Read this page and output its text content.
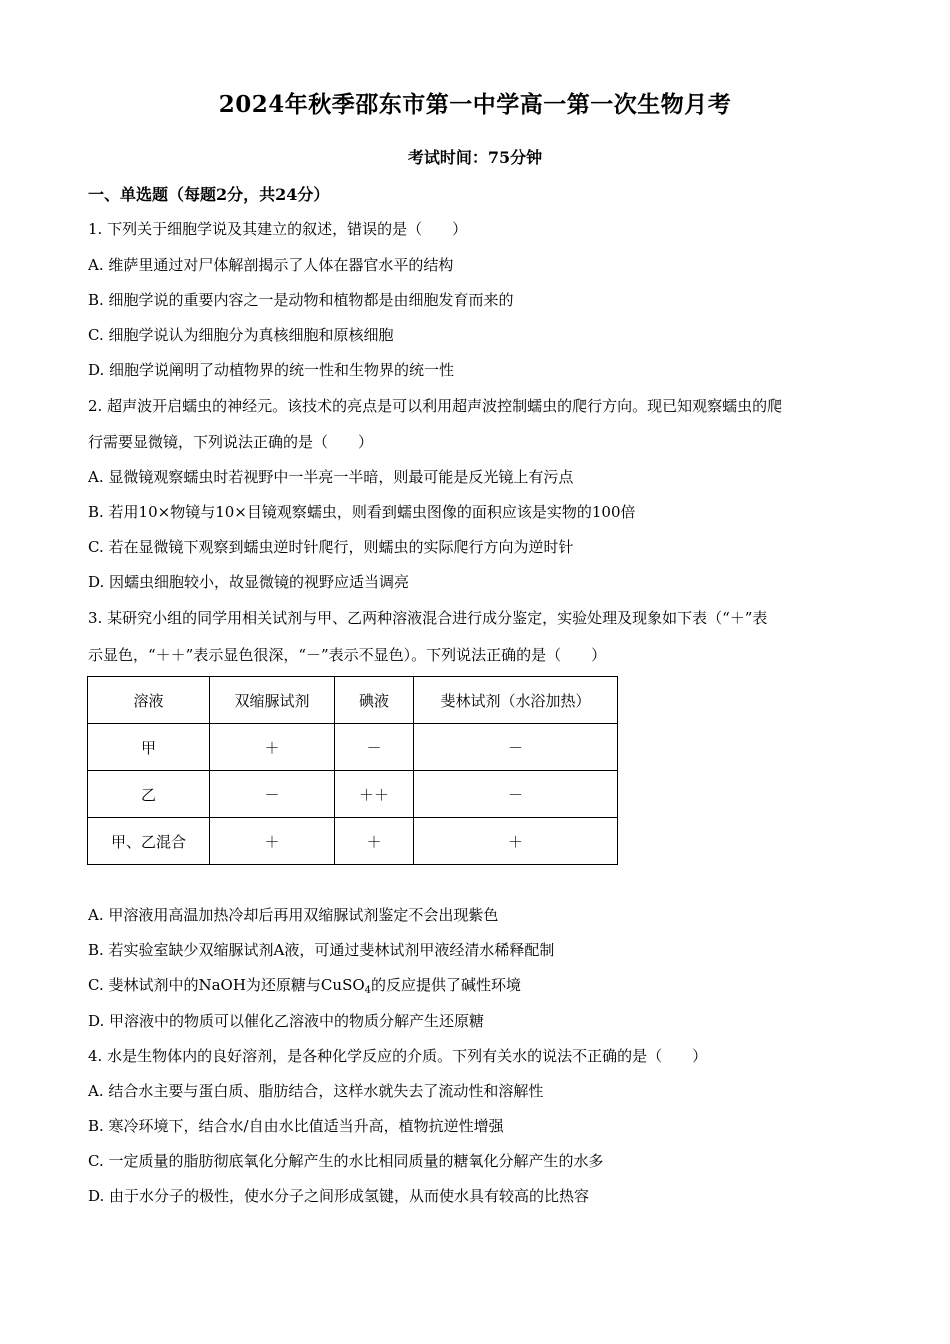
2024年秋季邵东市第一中学高一第一次生物月考
考试时间：75分钟
一、单选题（每题2分，共24分）
1. 下列关于细胞学说及其建立的叙述，错误的是（　　）
A. 维萨里通过对尸体解剖揭示了人体在器官水平的结构
B. 细胞学说的重要内容之一是动物和植物都是由细胞发育而来的
C. 细胞学说认为细胞分为真核细胞和原核细胞
D. 细胞学说阐明了动植物界的统一性和生物界的统一性
2. 超声波开启蠕虫的神经元。该技术的亮点是可以利用超声波控制蠕虫的爬行方向。现已知观察蠕虫的爬
行需要显微镜，下列说法正确的是（　　）
A. 显微镜观察蠕虫时若视野中一半亮一半暗，则最可能是反光镜上有污点
B. 若用10×物镜与10×目镜观察蠕虫，则看到蠕虫图像的面积应该是实物的100倍
C. 若在显微镜下观察到蠕虫逆时针爬行，则蠕虫的实际爬行方向为逆时针
D. 因蠕虫细胞较小，故显微镜的视野应适当调亮
3. 某研究小组的同学用相关试剂与甲、乙两种溶液混合进行成分鉴定，实验处理及现象如下表（“＋”表
示显色，“＋＋”表示显色很深，“－”表示不显色）。下列说法正确的是（　　）
溶液	双缩脲试剂	碘液	斐林试剂（水浴加热）
甲	＋	－	－
乙	－	＋＋	－
甲、乙混合	＋	＋	＋
A. 甲溶液用高温加热冷却后再用双缩脲试剂鉴定不会出现紫色
B. 若实验室缺少双缩脲试剂A液，可通过斐林试剂甲液经清水稀释配制
C. 斐林试剂中的NaOH为还原糖与CuSO$_4$的反应提供了碱性环境
D. 甲溶液中的物质可以催化乙溶液中的物质分解产生还原糖
4. 水是生物体内的良好溶剂，是各种化学反应的介质。下列有关水的说法不正确的是（　　）
A. 结合水主要与蛋白质、脂肪结合，这样水就失去了流动性和溶解性
B. 寒冷环境下，结合水/自由水比值适当升高，植物抗逆性增强
C. 一定质量的脂肪彻底氧化分解产生的水比相同质量的糖氧化分解产生的水多
D. 由于水分子的极性，使水分子之间形成氢键，从而使水具有较高的比热容
